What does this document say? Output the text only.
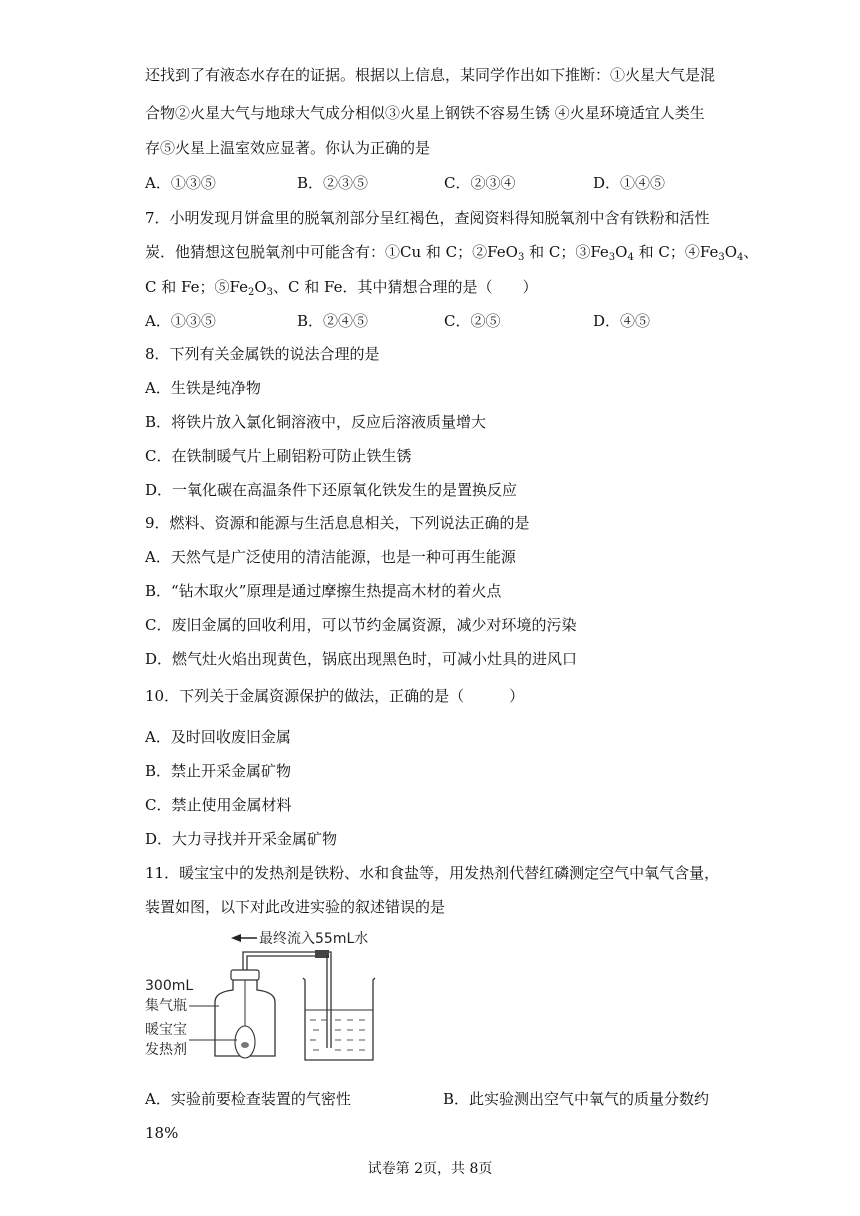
还找到了有液态水存在的证据。根据以上信息，某同学作出如下推断：①火星大气是混
合物②火星大气与地球大气成分相似③火星上钢铁不容易生锈 ④火星环境适宜人类生
存⑤火星上温室效应显著。你认为正确的是
A．①③⑤	B．②③⑤	C．②③④	D．①④⑤
7．小明发现月饼盒里的脱氧剂部分呈红褐色，查阅资料得知脱氧剂中含有铁粉和活性
炭．他猜想这包脱氧剂中可能含有：①Cu 和 C；②FeO$_3$ 和 C；$③Fe_3O_4$ 和 C；$④Fe_3O_4$、
C 和 Fe；$⑤Fe_2O_3$、C 和 Fe．其中猜想合理的是（　　）
A．①③⑤	B．②④⑤	C．②⑤	D．④⑤
8．下列有关金属铁的说法合理的是
A．生铁是纯净物
B．将铁片放入氯化铜溶液中，反应后溶液质量增大
C．在铁制暖气片上刷铝粉可防止铁生锈
D．一氧化碳在高温条件下还原氧化铁发生的是置换反应
9．燃料、资源和能源与生活息息相关，下列说法正确的是
A．天然气是广泛使用的清洁能源，也是一种可再生能源
B．“钻木取火”原理是通过摩擦生热提高木材的着火点
C．废旧金属的回收利用，可以节约金属资源，减少对环境的污染
D．燃气灶火焰出现黄色，锅底出现黑色时，可减小灶具的进风口
10．下列关于金属资源保护的做法，正确的是（　　　）
A．及时回收废旧金属
B．禁止开采金属矿物
C．禁止使用金属材料
D．大力寻找并开采金属矿物
11．暖宝宝中的发热剂是铁粉、水和食盐等，用发热剂代替红磷测定空气中氧气含量，
装置如图，以下对此改进实验的叙述错误的是
最终流入55mL水
300mL
集气瓶
暖宝宝
发热剂
A．实验前要检查装置的气密性	B．此实验测出空气中氧气的质量分数约
18%
试卷第 2页，共 8页
